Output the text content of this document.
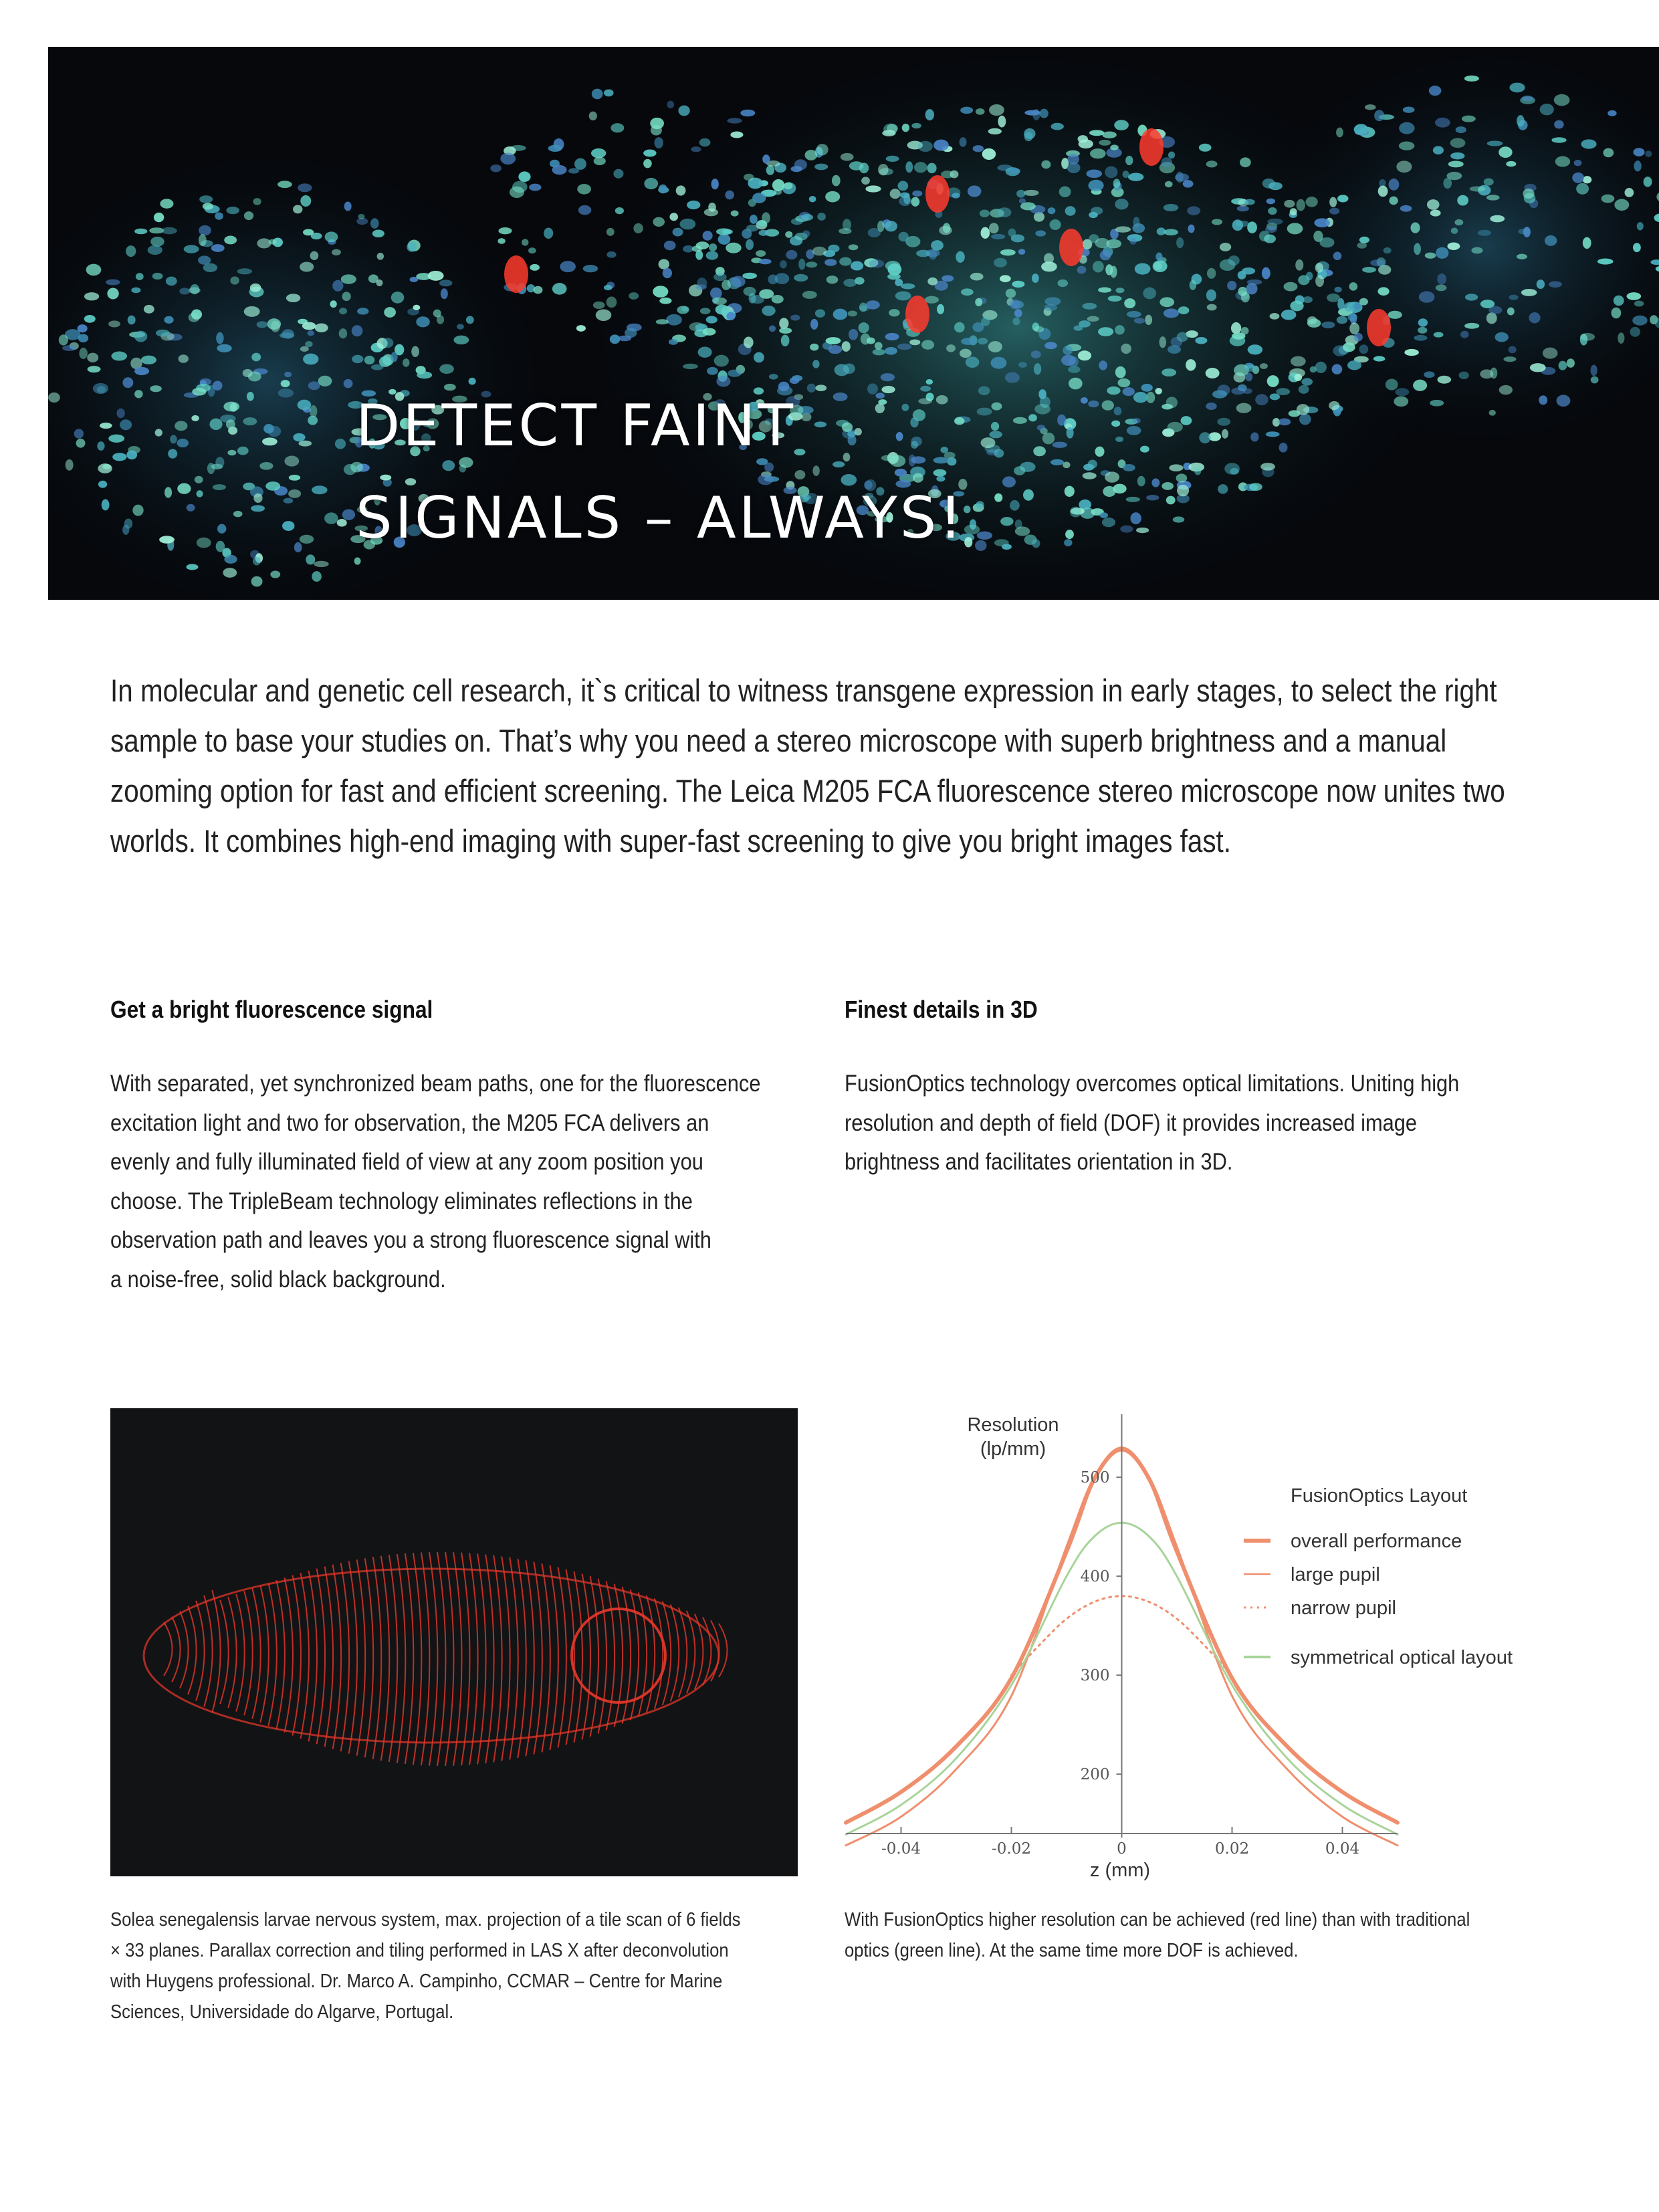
DETECT FAINT
SIGNALS – ALWAYS!

In molecular and genetic cell research, it`s critical to witness transgene expression in early stages, to select the right sample to base your studies on. That’s why you need a stereo microscope with superb brightness and a manual zooming option for fast and efficient screening. The Leica M205 FCA fluorescence stereo microscope now unites two worlds. It combines high-end imaging with super-fast screening to give you bright images fast.

Get a bright fluorescence signal

With separated, yet synchronized beam paths, one for the fluorescence
excitation light and two for observation, the M205 FCA delivers an
evenly and fully illuminated field of view at any zoom position you
choose. The TripleBeam technology eliminates reflections in the
observation path and leaves you a strong fluorescence signal with
a noise-free, solid black background.

Finest details in 3D

FusionOptics technology overcomes optical limitations. Uniting high
resolution and depth of field (DOF) it provides increased image
brightness and facilitates orientation in 3D.

-0.04	-0.02	0	0.02	0.04
200
300
400
500
Resolution
(lp/mm)
z (mm)
FusionOptics Layout
overall performance
large pupil
narrow pupil
symmetrical optical layout

Solea senegalensis larvae nervous system, max. projection of a tile scan of 6 fields
× 33 planes. Parallax correction and tiling performed in LAS X after deconvolution
with Huygens professional. Dr. Marco A. Campinho, CCMAR – Centre for Marine
Sciences, Universidade do Algarve, Portugal.

With FusionOptics higher resolution can be achieved (red line) than with traditional
optics (green line). At the same time more DOF is achieved.
